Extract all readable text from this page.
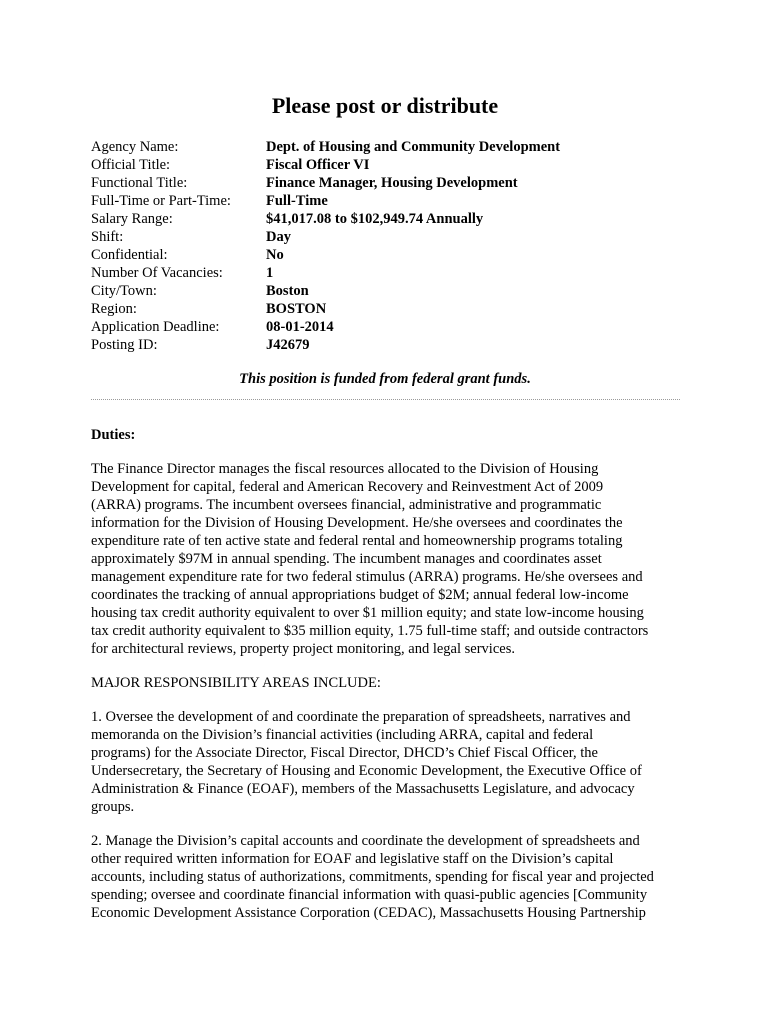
Please post or distribute
Agency Name:	Dept. of Housing and Community Development
Official Title:	Fiscal Officer VI
Functional Title:	Finance Manager, Housing Development
Full-Time or Part-Time: Full-Time
Salary Range:	$41,017.08 to $102,949.74 Annually
Shift:	Day
Confidential:	No
Number Of Vacancies:	1
City/Town:	Boston
Region:	BOSTON
Application Deadline:	08-01-2014
Posting ID:	J42679

This position is funded from federal grant funds.

Duties:

The Finance Director manages the fiscal resources allocated to the Division of Housing
Development for capital, federal and American Recovery and Reinvestment Act of 2009
(ARRA) programs. The incumbent oversees financial, administrative and programmatic
information for the Division of Housing Development. He/she oversees and coordinates the
expenditure rate of ten active state and federal rental and homeownership programs totaling
approximately $97M in annual spending. The incumbent manages and coordinates asset
management expenditure rate for two federal stimulus (ARRA) programs. He/she oversees and
coordinates the tracking of annual appropriations budget of $2M; annual federal low-income
housing tax credit authority equivalent to over $1 million equity; and state low-income housing
tax credit authority equivalent to $35 million equity, 1.75 full-time staff; and outside contractors
for architectural reviews, property project monitoring, and legal services.

MAJOR RESPONSIBILITY AREAS INCLUDE:

1. Oversee the development of and coordinate the preparation of spreadsheets, narratives and
memoranda on the Division’s financial activities (including ARRA, capital and federal
programs) for the Associate Director, Fiscal Director, DHCD’s Chief Fiscal Officer, the
Undersecretary, the Secretary of Housing and Economic Development, the Executive Office of
Administration & Finance (EOAF), members of the Massachusetts Legislature, and advocacy
groups.

2. Manage the Division’s capital accounts and coordinate the development of spreadsheets and
other required written information for EOAF and legislative staff on the Division’s capital
accounts, including status of authorizations, commitments, spending for fiscal year and projected
spending; oversee and coordinate financial information with quasi-public agencies [Community
Economic Development Assistance Corporation (CEDAC), Massachusetts Housing Partnership
